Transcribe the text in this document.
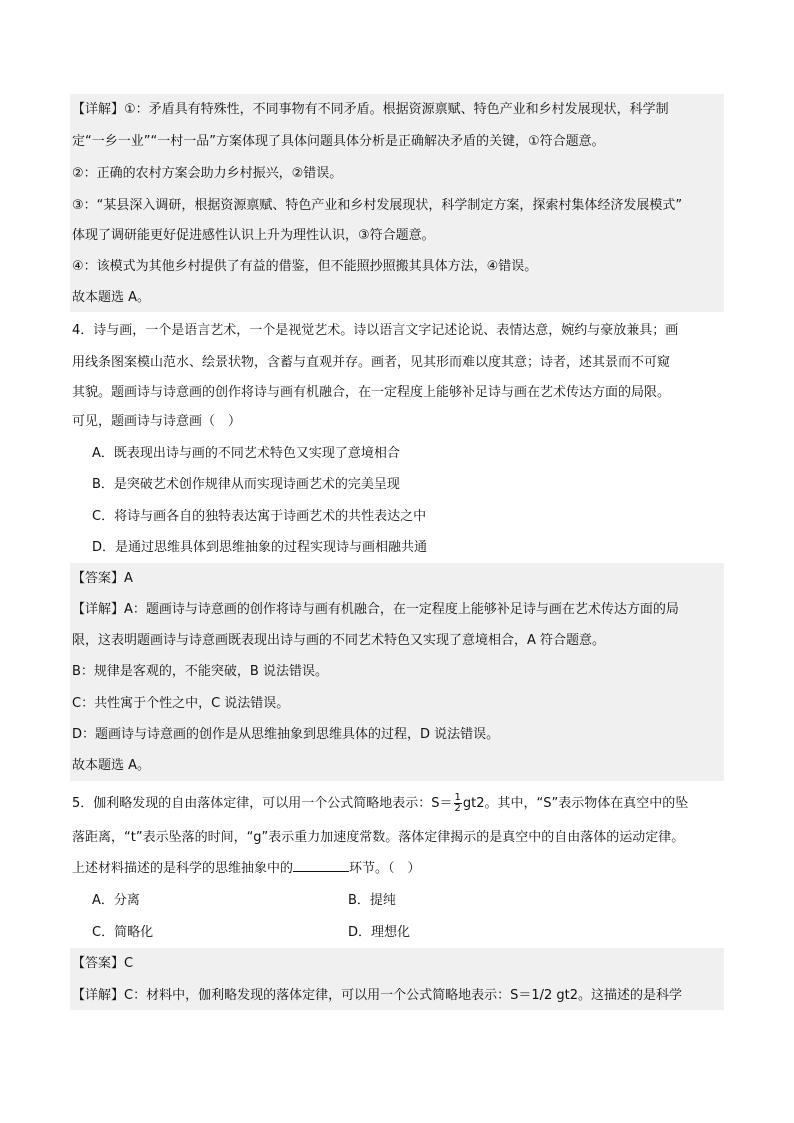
【详解】①：矛盾具有特殊性，不同事物有不同矛盾。根据资源禀赋、特色产业和乡村发展现状，科学制
定“一乡一业”“一村一品”方案体现了具体问题具体分析是正确解决矛盾的关键，①符合题意。
②：正确的农村方案会助力乡村振兴，②错误。
③：“某县深入调研，根据资源禀赋、特色产业和乡村发展现状，科学制定方案，探索村集体经济发展模式”
体现了调研能更好促进感性认识上升为理性认识，③符合题意。
④：该模式为其他乡村提供了有益的借鉴，但不能照抄照搬其具体方法，④错误。
故本题选 A。
4．诗与画，一个是语言艺术，一个是视觉艺术。诗以语言文字记述论说、表情达意，婉约与豪放兼具；画
用线条图案模山范水、绘景状物，含蓄与直观并存。画者，见其形而难以度其意；诗者，述其景而不可窥
其貌。题画诗与诗意画的创作将诗与画有机融合，在一定程度上能够补足诗与画在艺术传达方面的局限。
可见，题画诗与诗意画（　）
A．既表现出诗与画的不同艺术特色又实现了意境相合
B．是突破艺术创作规律从而实现诗画艺术的完美呈现
C．将诗与画各自的独特表达寓于诗画艺术的共性表达之中
D．是通过思维具体到思维抽象的过程实现诗与画相融共通
【答案】A
【详解】A：题画诗与诗意画的创作将诗与画有机融合，在一定程度上能够补足诗与画在艺术传达方面的局
限，这表明题画诗与诗意画既表现出诗与画的不同艺术特色又实现了意境相合，A 符合题意。
B：规律是客观的，不能突破，B 说法错误。
C：共性寓于个性之中，C 说法错误。
D：题画诗与诗意画的创作是从思维抽象到思维具体的过程，D 说法错误。
故本题选 A。
5．伽利略发现的自由落体定律，可以用一个公式简略地表示：$S= \frac{1}{2} gt2$。其中，“S”表示物体在真空中的坠
落距离，“t”表示坠落的时间，“g”表示重力加速度常数。落体定律揭示的是真空中的自由落体的运动定律。
上述材料描述的是科学的思维抽象中的	环节。（　）
A．分离	B．提纯
C．简略化	D．理想化
【答案】C
【详解】C：材料中，伽利略发现的落体定律，可以用一个公式简略地表示：S＝1/2 gt2。这描述的是科学
